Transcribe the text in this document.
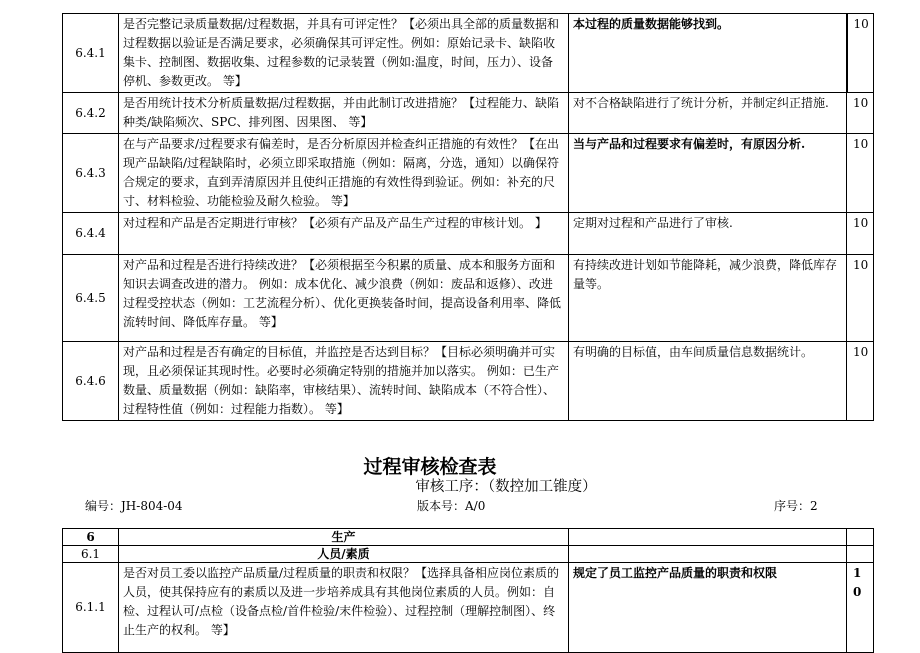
6.4.1	是否完整记录质量数据/过程数据，并具有可评定性？【必须出具全部的质量数据和过程数据以验证是否满足要求，必须确保其可评定性。例如：原始记录卡、缺陷收集卡、控制图、数据收集、过程参数的记录装置（例如:温度，时间，压力）、设备停机、参数更改。 等】	本过程的质量数据能够找到。	10
6.4.2	是否用统计技术分析质量数据/过程数据，并由此制订改进措施？【过程能力、缺陷种类/缺陷频次、SPC、排列图、因果图、 等】	对不合格缺陷进行了统计分析，并制定纠正措施.	10
6.4.3	在与产品要求/过程要求有偏差时，是否分析原因并检查纠正措施的有效性？【在出现产品缺陷/过程缺陷时，必须立即采取措施（例如：隔离，分选，通知）以确保符合规定的要求，直到弄清原因并且使纠正措施的有效性得到验证。例如：补充的尺寸、材料检验、功能检验及耐久检验。 等】	当与产品和过程要求有偏差时，有原因分析.	10
6.4.4	对过程和产品是否定期进行审核？【必须有产品及产品生产过程的审核计划。 】	定期对过程和产品进行了审核.	10
6.4.5	对产品和过程是否进行持续改进？【必须根据至今积累的质量、成本和服务方面和知识去调查改进的潜力。 例如：成本优化、减少浪费（例如：废品和返修）、改进过程受控状态（例如：工艺流程分析）、优化更换装备时间，提高设备利用率、降低流转时间、降低库存量。 等】	有持续改进计划如节能降耗，减少浪费，降低库存量等。	10
6.4.6	对产品和过程是否有确定的目标值，并监控是否达到目标？【目标必须明确并可实现，且必须保证其现时性。必要时必须确定特别的措施并加以落实。 例如：已生产数量、质量数据（例如：缺陷率，审核结果）、流转时间、缺陷成本（不符合性）、过程特性值（例如：过程能力指数）。 等】	有明确的目标值，由车间质量信息数据统计。	10
过程审核检查表
审核工序：（数控加工锥度）
编号：JH-804-04	版本号：A/0	序号：2
6	生产		
6.1	人员/素质		
6.1.1	是否对员工委以监控产品质量/过程质量的职责和权限？【选择具备相应岗位素质的人员，使其保持应有的素质以及进一步培养成具有其他岗位素质的人员。例如：自检、过程认可/点检（设备点检/首件检验/末件检验）、过程控制（理解控制图）、终止生产的权利。 等】	规定了员工监控产品质量的职责和权限	10
